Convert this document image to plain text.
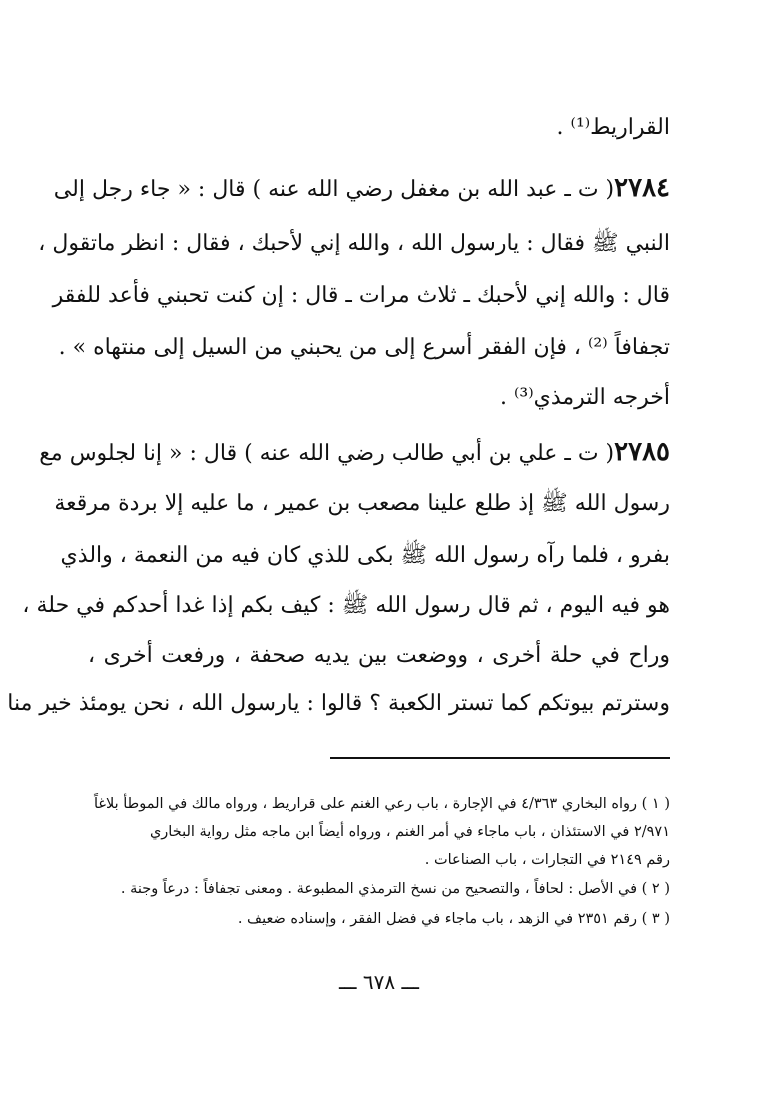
القراريط⁽¹⁾ .
٢٧٨٤( ت ـ عبد الله بن مغفل رضي الله عنه ) قال : « جاء رجل إلى
النبي ﷺ فقال : يارسول الله ، والله إني لأحبك ، فقال : انظر ماتقول ،
قال : والله إني لأحبك ـ ثلاث مرات ـ قال : إن كنت تحبني فأعد للفقر
تجفافاً ⁽²⁾ ، فإن الفقر أسرع إلى من يحبني من السيل إلى منتهاه » .
أخرجه الترمذي⁽³⁾ .
٢٧٨٥( ت ـ علي بن أبي طالب رضي الله عنه ) قال : « إنا لجلوس مع
رسول الله ﷺ إذ طلع علينا مصعب بن عمير ، ما عليه إلا بردة مرقعة
بفرو ، فلما رآه رسول الله ﷺ بكى للذي كان فيه من النعمة ، والذي
هو فيه اليوم ، ثم قال رسول الله ﷺ : كيف بكم إذا غدا أحدكم في حلة ،
وراح في حلة أخرى ، ووضعت بين يديه صحفة ، ورفعت أخرى ،
وسترتم بيوتكم كما تستر الكعبة ؟ قالوا : يارسول الله ، نحن يومئذ خير منا
( ١ ) رواه البخاري ٤/٣٦٣ في الإجارة ، باب رعي الغنم على قراريط ، ورواه مالك في الموطأ بلاغاً
٢/٩٧١ في الاستئذان ، باب ماجاء في أمر الغنم ، ورواه أيضاً ابن ماجه مثل رواية البخاري
رقم ٢١٤٩ في التجارات ، باب الصناعات .
( ٢ ) في الأصل : لحافاً ، والتصحيح من نسخ الترمذي المطبوعة . ومعنى تجفافاً : درعاً وجنة .
( ٣ ) رقم ٢٣٥١ في الزهد ، باب ماجاء في فضل الفقر ، وإسناده ضعيف .
ـــ ٦٧٨ ـــ
